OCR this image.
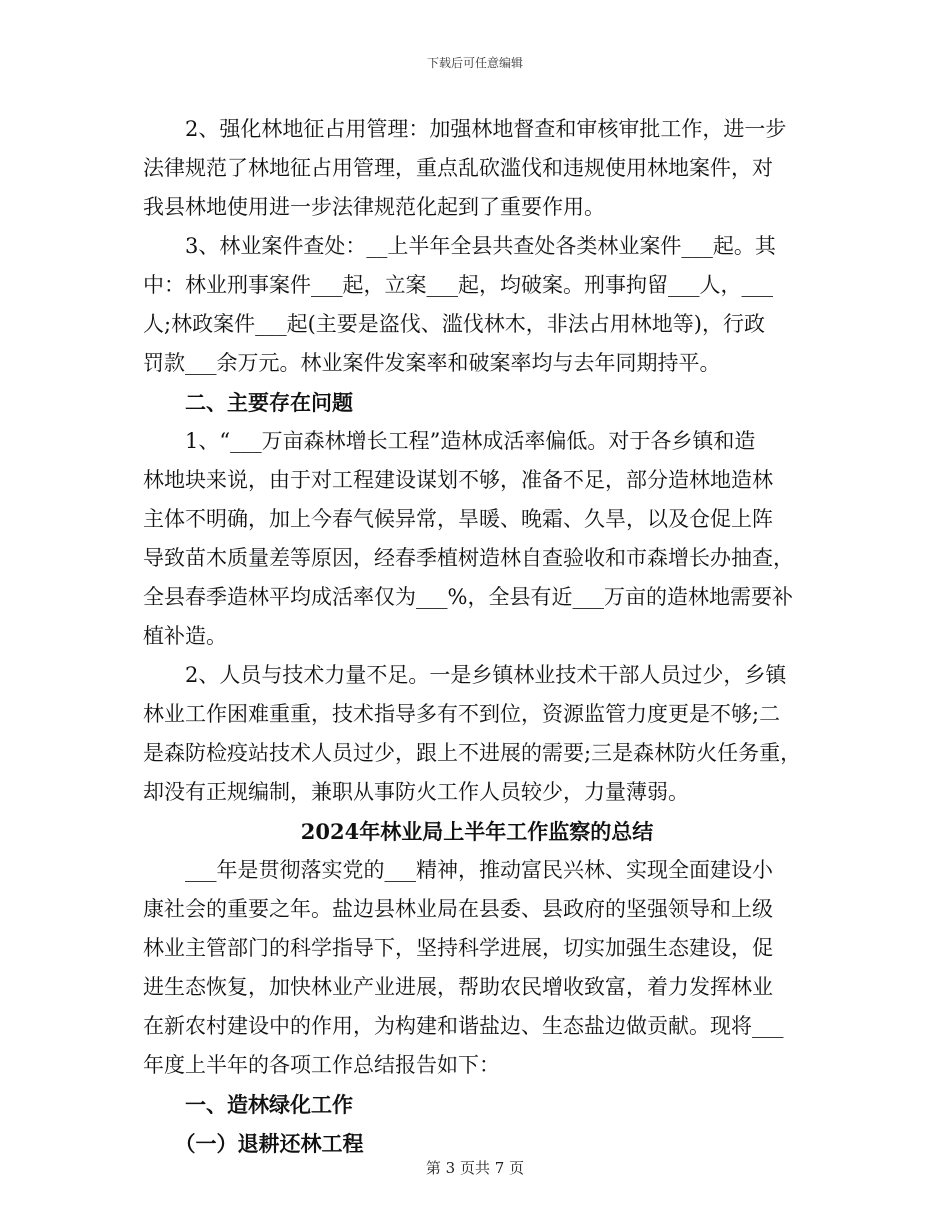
下载后可任意编辑
　　2、强化林地征占用管理：加强林地督查和审核审批工作，进一步
法律规范了林地征占用管理，重点乱砍滥伐和违规使用林地案件，对
我县林地使用进一步法律规范化起到了重要作用。
　　3、林业案件查处：__上半年全县共查处各类林业案件___起。其
中：林业刑事案件___起，立案___起，均破案。刑事拘留___人，___
人;林政案件___起(主要是盗伐、滥伐林木，非法占用林地等)，行政
罚款___余万元。林业案件发案率和破案率均与去年同期持平。
　　二、主要存在问题
　　1、“___万亩森林增长工程”造林成活率偏低。对于各乡镇和造
林地块来说，由于对工程建设谋划不够，准备不足，部分造林地造林
主体不明确，加上今春气候异常，旱暖、晚霜、久旱，以及仓促上阵
导致苗木质量差等原因，经春季植树造林自查验收和市森增长办抽查，
全县春季造林平均成活率仅为___%，全县有近___万亩的造林地需要补
植补造。
　　2、人员与技术力量不足。一是乡镇林业技术干部人员过少，乡镇
林业工作困难重重，技术指导多有不到位，资源监管力度更是不够;二
是森防检疫站技术人员过少，跟上不进展的需要;三是森林防火任务重，
却没有正规编制，兼职从事防火工作人员较少，力量薄弱。
2024年林业局上半年工作监察的总结
　　___年是贯彻落实党的___精神，推动富民兴林、实现全面建设小
康社会的重要之年。盐边县林业局在县委、县政府的坚强领导和上级
林业主管部门的科学指导下，坚持科学进展，切实加强生态建设，促
进生态恢复，加快林业产业进展，帮助农民增收致富，着力发挥林业
在新农村建设中的作用，为构建和谐盐边、生态盐边做贡献。现将___
年度上半年的各项工作总结报告如下：
　　一、造林绿化工作
　　（一）退耕还林工程
第 3 页共 7 页
